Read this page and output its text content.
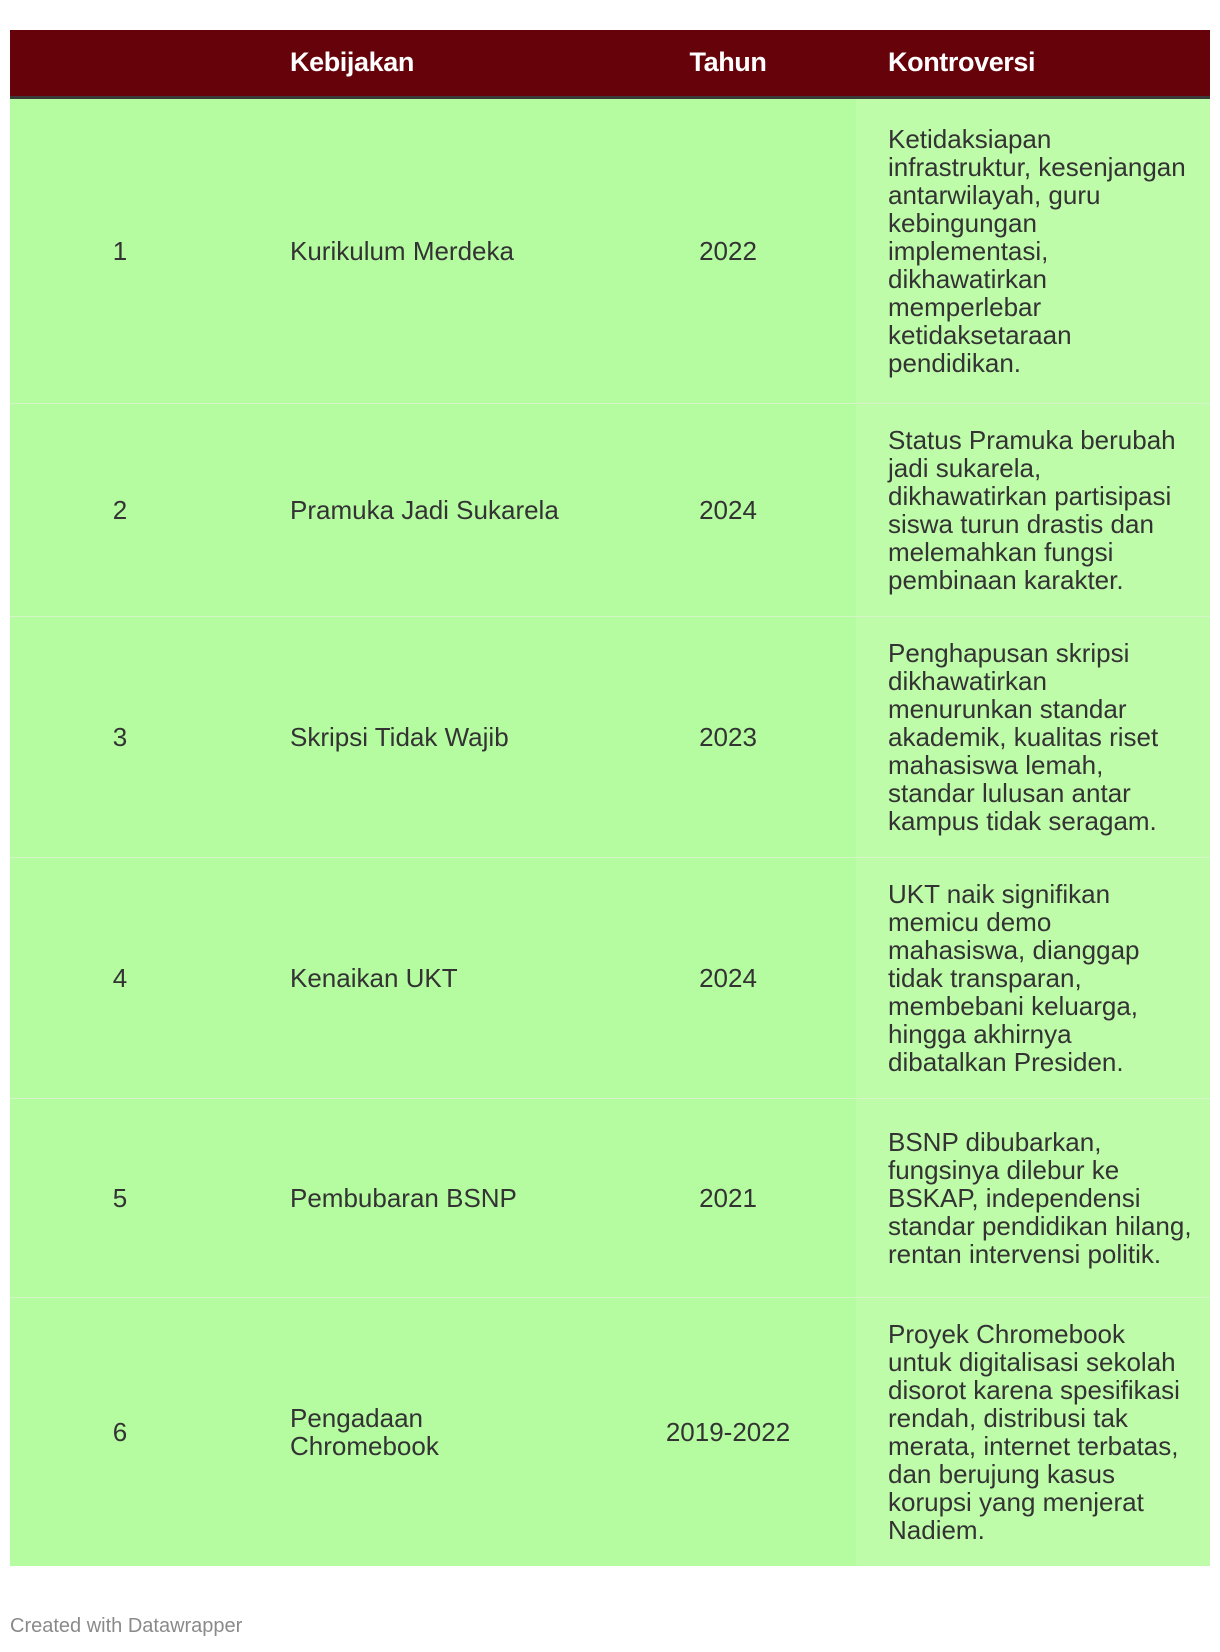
	Kebijakan	Tahun	Kontroversi
1	Kurikulum Merdeka	2022	Ketidaksiapan infrastruktur, kesenjangan antarwilayah, guru kebingungan implementasi, dikhawatirkan memperlebar ketidaksetaraan pendidikan.
2	Pramuka Jadi Sukarela	2024	Status Pramuka berubah jadi sukarela, dikhawatirkan partisipasi siswa turun drastis dan melemahkan fungsi pembinaan karakter.
3	Skripsi Tidak Wajib	2023	Penghapusan skripsi dikhawatirkan menurunkan standar akademik, kualitas riset mahasiswa lemah, standar lulusan antar kampus tidak seragam.
4	Kenaikan UKT	2024	UKT naik signifikan memicu demo mahasiswa, dianggap tidak transparan, membebani keluarga, hingga akhirnya dibatalkan Presiden.
5	Pembubaran BSNP	2021	BSNP dibubarkan, fungsinya dilebur ke BSKAP, independensi standar pendidikan hilang, rentan intervensi politik.
6	Pengadaan Chromebook	2019-2022	Proyek Chromebook untuk digitalisasi sekolah disorot karena spesifikasi rendah, distribusi tak merata, internet terbatas, dan berujung kasus korupsi yang menjerat Nadiem.
Created with Datawrapper
